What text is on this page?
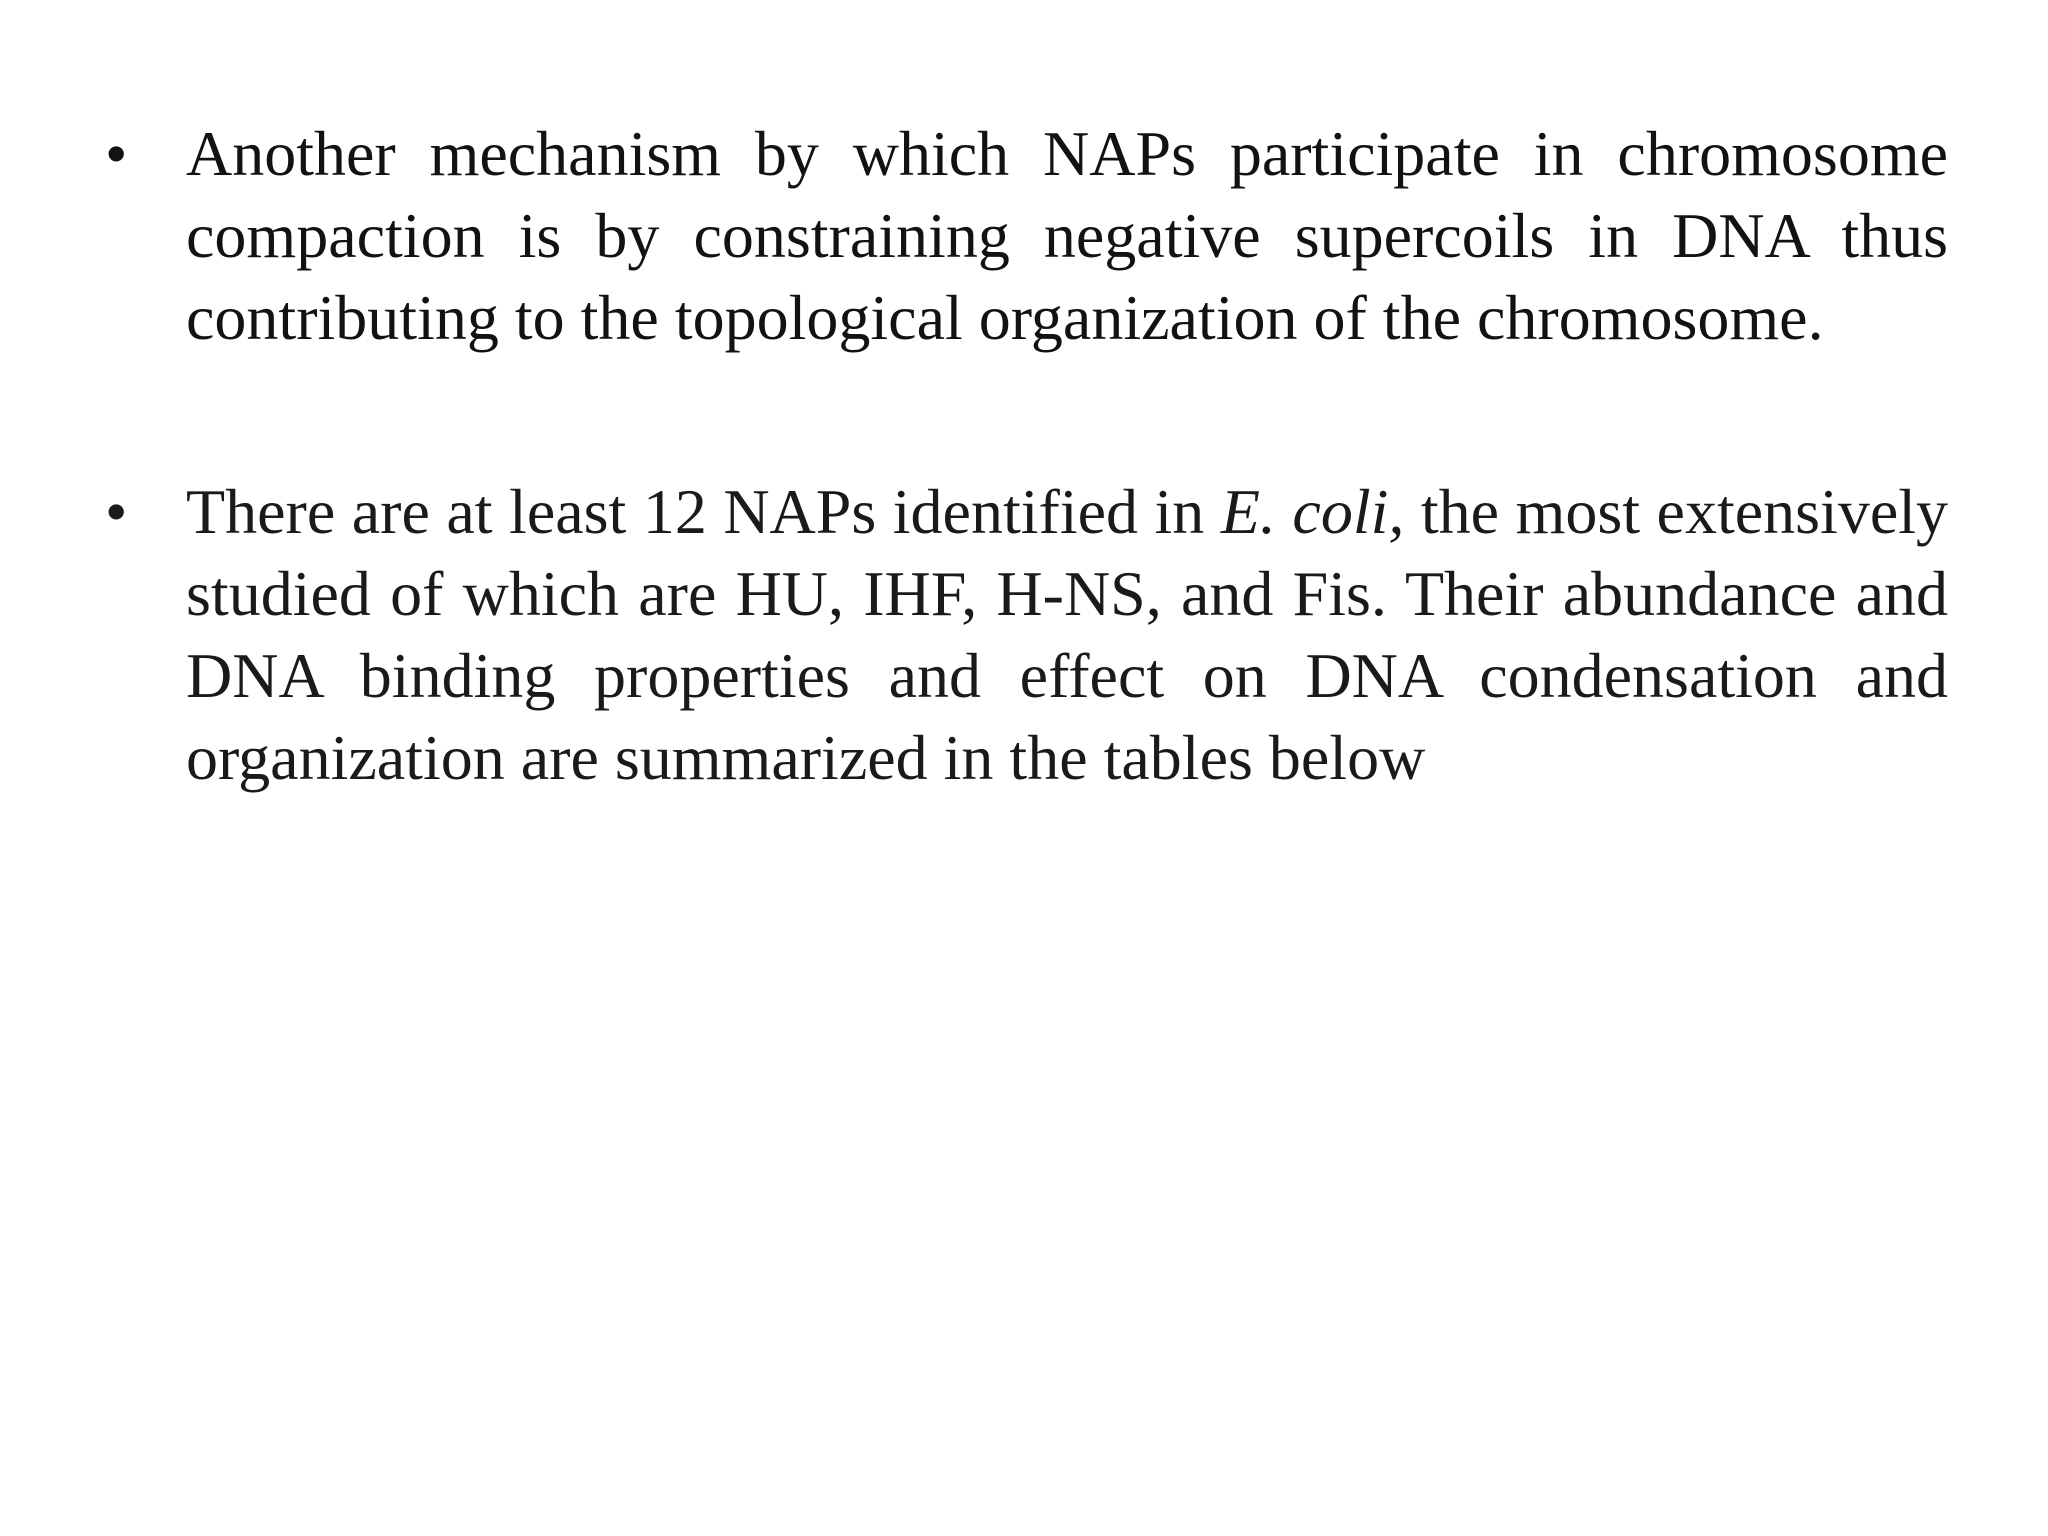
• Another mechanism by which NAPs participate in chromosome compaction is by constraining negative supercoils in DNA thus contributing to the topological organization of the chromosome.
• There are at least 12 NAPs identified in E. coli, the most extensively studied of which are HU, IHF, H-NS, and Fis. Their abundance and DNA binding properties and effect on DNA condensation and organization are summarized in the tables below
